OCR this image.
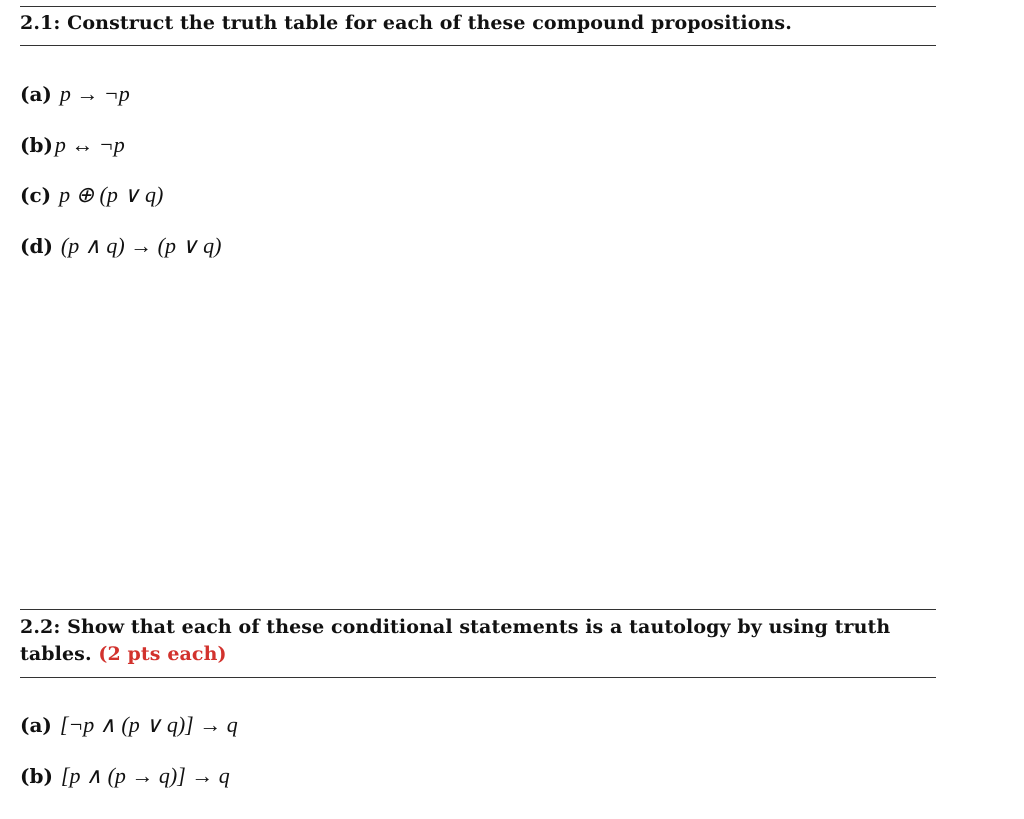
2.1: Construct the truth table for each of these compound propositions.
(a) p → ¬p
(b)p ↔ ¬p
(c) p ⊕ (p ∨ q)
(d) (p ∧ q) → (p ∨ q)
2.2: Show that each of these conditional statements is a tautology by using truth tables. (2 pts each)
(a) [¬p ∧ (p ∨ q)] → q
(b) [p ∧ (p → q)] → q
